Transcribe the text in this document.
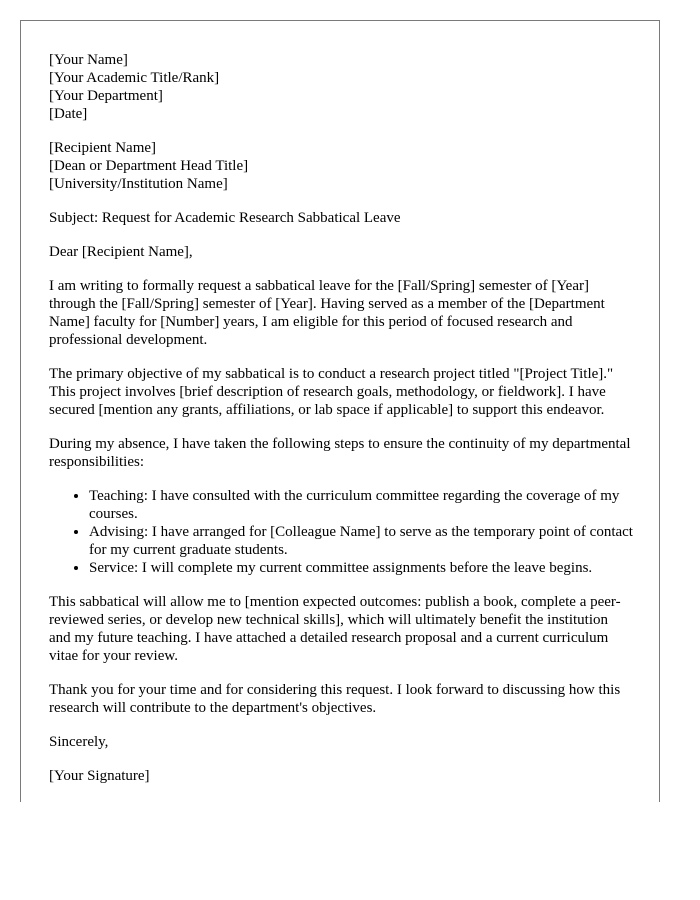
[Your Name]
[Your Academic Title/Rank]
[Your Department]
[Date]
[Recipient Name]
[Dean or Department Head Title]
[University/Institution Name]

Subject: Request for Academic Research Sabbatical Leave

Dear [Recipient Name],

I am writing to formally request a sabbatical leave for the [Fall/Spring] semester of [Year] through the [Fall/Spring] semester of [Year]. Having served as a member of the [Department Name] faculty for [Number] years, I am eligible for this period of focused research and professional development.

The primary objective of my sabbatical is to conduct a research project titled "[Project Title]." This project involves [brief description of research goals, methodology, or fieldwork]. I have secured [mention any grants, affiliations, or lab space if applicable] to support this endeavor.

During my absence, I have taken the following steps to ensure the continuity of my departmental responsibilities:

• Teaching: I have consulted with the curriculum committee regarding the coverage of my courses.
• Advising: I have arranged for [Colleague Name] to serve as the temporary point of contact for my current graduate students.
• Service: I will complete my current committee assignments before the leave begins.

This sabbatical will allow me to [mention expected outcomes: publish a book, complete a peer-reviewed series, or develop new technical skills], which will ultimately benefit the institution and my future teaching. I have attached a detailed research proposal and a current curriculum vitae for your review.

Thank you for your time and for considering this request. I look forward to discussing how this research will contribute to the department's objectives.

Sincerely,

[Your Signature]
